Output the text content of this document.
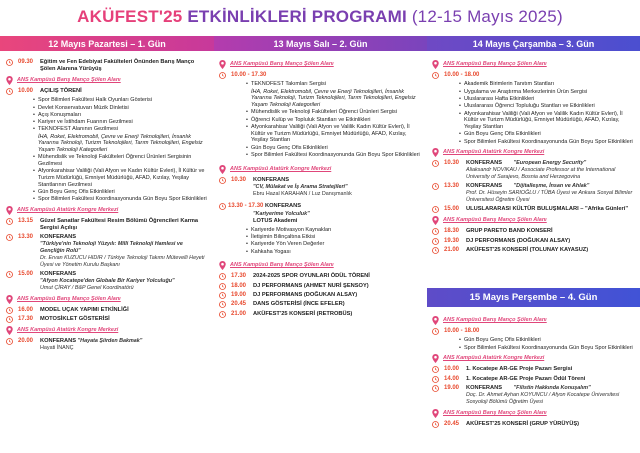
AKÜFEST'25 ETKİNLİKLERİ PROGRAMI (12-15 Mayıs 2025)
12 Mayıs Pazartesi – 1. Gün	13 Mayıs Salı – 2. Gün	14 Mayıs Çarşamba – 3. Gün
15 Mayıs Perşembe – 4. Gün
09.30	Eğitim ve Fen Edebiyat Fakülteleri Önünden Barış Manço Şölen Alanına Yürüyüş
ANS Kampüsü Barış Manço Şölen Alanı
10.00	AÇILIŞ TÖRENİ
• Spor Bilimleri Fakültesi Halk Oyunları Gösterisi
• Devlet Konservatuvarı Müzik Dinletisi
• Açış Konuşmaları
• Kariyer ve İstihdam Fuarının Gezilmesi
• TEKNOFEST Alanının Gezilmesi
İHA, Roket, Elektromobil, Çevre ve Enerji Teknolojileri, İnsanlık Yararına Teknoloji, Turizm Teknolojileri, Tarım Teknolojileri, Engelsiz Yaşam Teknoloji Kategorileri
• Mühendislik ve Teknoloji Fakülteleri Öğrenci Ürünleri Sergisinin Gezilmesi
• Afyonkarahisar Valiliği (Vali Afyon ve Kadın Kültür Evleri), İl Kültür ve Turizm Müdürlüğü, Emniyet Müdürlüğü, AFAD, Kızılay, Yeşilay Stantlarının Gezilmesi
• Gün Boyu Genç Ofis Etkinlikleri
• Spor Bilimleri Fakültesi Koordinasyonunda Gün Boyu Spor Etkinlikleri
ANS Kampüsü Atatürk Kongre Merkezi
13.15	Güzel Sanatlar Fakültesi Resim Bölümü Öğrencileri Karma Sergisi Açılışı
13.30	KONFERANS
"Türkiye'nin Teknoloji Yüzyılı: Milli Teknoloji Hamlesi ve Gençliğin Rolü"
Dr. Ervan KUZUCU HIDIR / Türkiye Teknoloji Takımı Mütevelli Heyeti Üyesi ve Yönetim Kurulu Başkanı
15.00	KONFERANS
"Afyon Kocatepe'den Globale Bir Kariyer Yolculuğu"
Umut ÇİRAY / B&P Genel Koordinatörü
ANS Kampüsü Barış Manço Şölen Alanı
16.00	MODEL UÇAK YAPIMI ETKİNLİĞİ
17.30	MOTOSİKLET GÖSTERİSİ
ANS Kampüsü Atatürk Kongre Merkezi
20.00	KONFERANS "Hayata Şiirden Bakmak"
Hayati İNANÇ
ANS Kampüsü Barış Manço Şölen Alanı
10.00 - 17.30
• TEKNOFEST Takımları Sergisi
İHA, Roket, Elektromobil, Çevre ve Enerji Teknolojileri, İnsanlık Yararına Teknoloji, Turizm Teknolojileri, Tarım Teknolojileri, Engelsiz Yaşam Teknoloji Kategorileri
• Mühendislik ve Teknoloji Fakülteleri Öğrenci Ürünleri Sergisi
• Öğrenci Kulüp ve Topluluk Stantları ve Etkinlikleri
• Afyonkarahisar Valiliği (Vali Afyon ve Valilik Kadın Kültür Evleri), İl Kültür ve Turizm Müdürlüğü, Emniyet Müdürlüğü, AFAD, Kızılay, Yeşilay Stantları
• Gün Boyu Genç Ofis Etkinlikleri
• Spor Bilimleri Fakültesi Koordinasyonunda Gün Boyu Spor Etkinlikleri
ANS Kampüsü Atatürk Kongre Merkezi
10.30	KONFERANS
"CV, Mülakat ve İş Arama Stratejileri"
Ebru Hazal KARAHAN / Luz Danışmanlık
13.30 - 17.30 KONFERANS
"Kariyerime Yolculuk"
LOTUS Akademi
• Kariyerde Motivasyon Kaynakları
• İletişimin Bilinçaltına Etkisi
• Kariyerde Yön Veren Değerler
• Kahkaha Yogası
ANS Kampüsü Barış Manço Şölen Alanı
17.30	2024-2025 SPOR OYUNLARI ÖDÜL TÖRENİ
18.00	DJ PERFORMANS (AHMET NURİ ŞENSOY)
19.00	DJ PERFORMANS (DOĞUKAN ALSAY)
20.45	DANS GÖSTERİSİ (İNCE EFELER)
21.00	AKÜFEST'25 KONSERİ (RETROBÜS)
ANS Kampüsü Barış Manço Şölen Alanı
10.00 - 18.00
• Akademik Birimlerin Tanıtım Stantları
• Uygulama ve Araştırma Merkezlerinin Ürün Sergisi
• Uluslararası Hafta Etkinlikleri
• Uluslararası Öğrenci Topluluğu Stantları ve Etkinlikleri
• Afyonkarahisar Valiliği (Vali Afyon ve Valilik Kadın Kültür Evleri), İl Kültür ve Turizm Müdürlüğü, Emniyet Müdürlüğü, AFAD, Kızılay, Yeşilay Stantları
• Gün Boyu Genç Ofis Etkinlikleri
• Spor Bilimleri Fakültesi Koordinasyonunda Gün Boyu Spor Etkinlikleri
ANS Kampüsü Atatürk Kongre Merkezi
10.30	KONFERANS "European Energy Security"
Aliaksandr NOVIKAU / Associate Professor at the International University of Sarajevo, Bosnia and Herzegovina
13.30	KONFERANS "Dijitalleşme, İnsan ve Ahlak"
Prof. Dr. Hüseyin SARIOĞLU / TÜBA Üyesi ve Ankara Sosyal Bilimler Üniversitesi Öğretim Üyesi
15.00	ULUSLARARASI KÜLTÜR BULUŞMALARI – "Afrika Günleri"
ANS Kampüsü Barış Manço Şölen Alanı
18.30	GRUP PARETO BAND KONSERİ
19.30	DJ PERFORMANS (DOĞUKAN ALSAY)
21.00	AKÜFEST'25 KONSERİ (TOLUNAY KAYASUZ)
ANS Kampüsü Barış Manço Şölen Alanı
10.00 - 18.00
• Gün Boyu Genç Ofis Etkinlikleri
• Spor Bilimleri Fakültesi Koordinasyonunda Gün Boyu Spor Etkinlikleri
ANS Kampüsü Atatürk Kongre Merkezi
10.00	1. Kocatepe AR-GE Proje Pazarı Sergisi
14.00	1. Kocatepe AR-GE Proje Pazarı Ödül Töreni
19.00	KONFERANS "Filistin Hakkında Konuşalım"
Doç. Dr. Ahmet Ayhan KOYUNCU / Afyon Kocatepe Üniversitesi Sosyoloji Bölümü Öğretim Üyesi
ANS Kampüsü Barış Manço Şölen Alanı
20.45	AKÜFEST'25 KONSERİ (GRUP YÜRÜYÜŞ)
